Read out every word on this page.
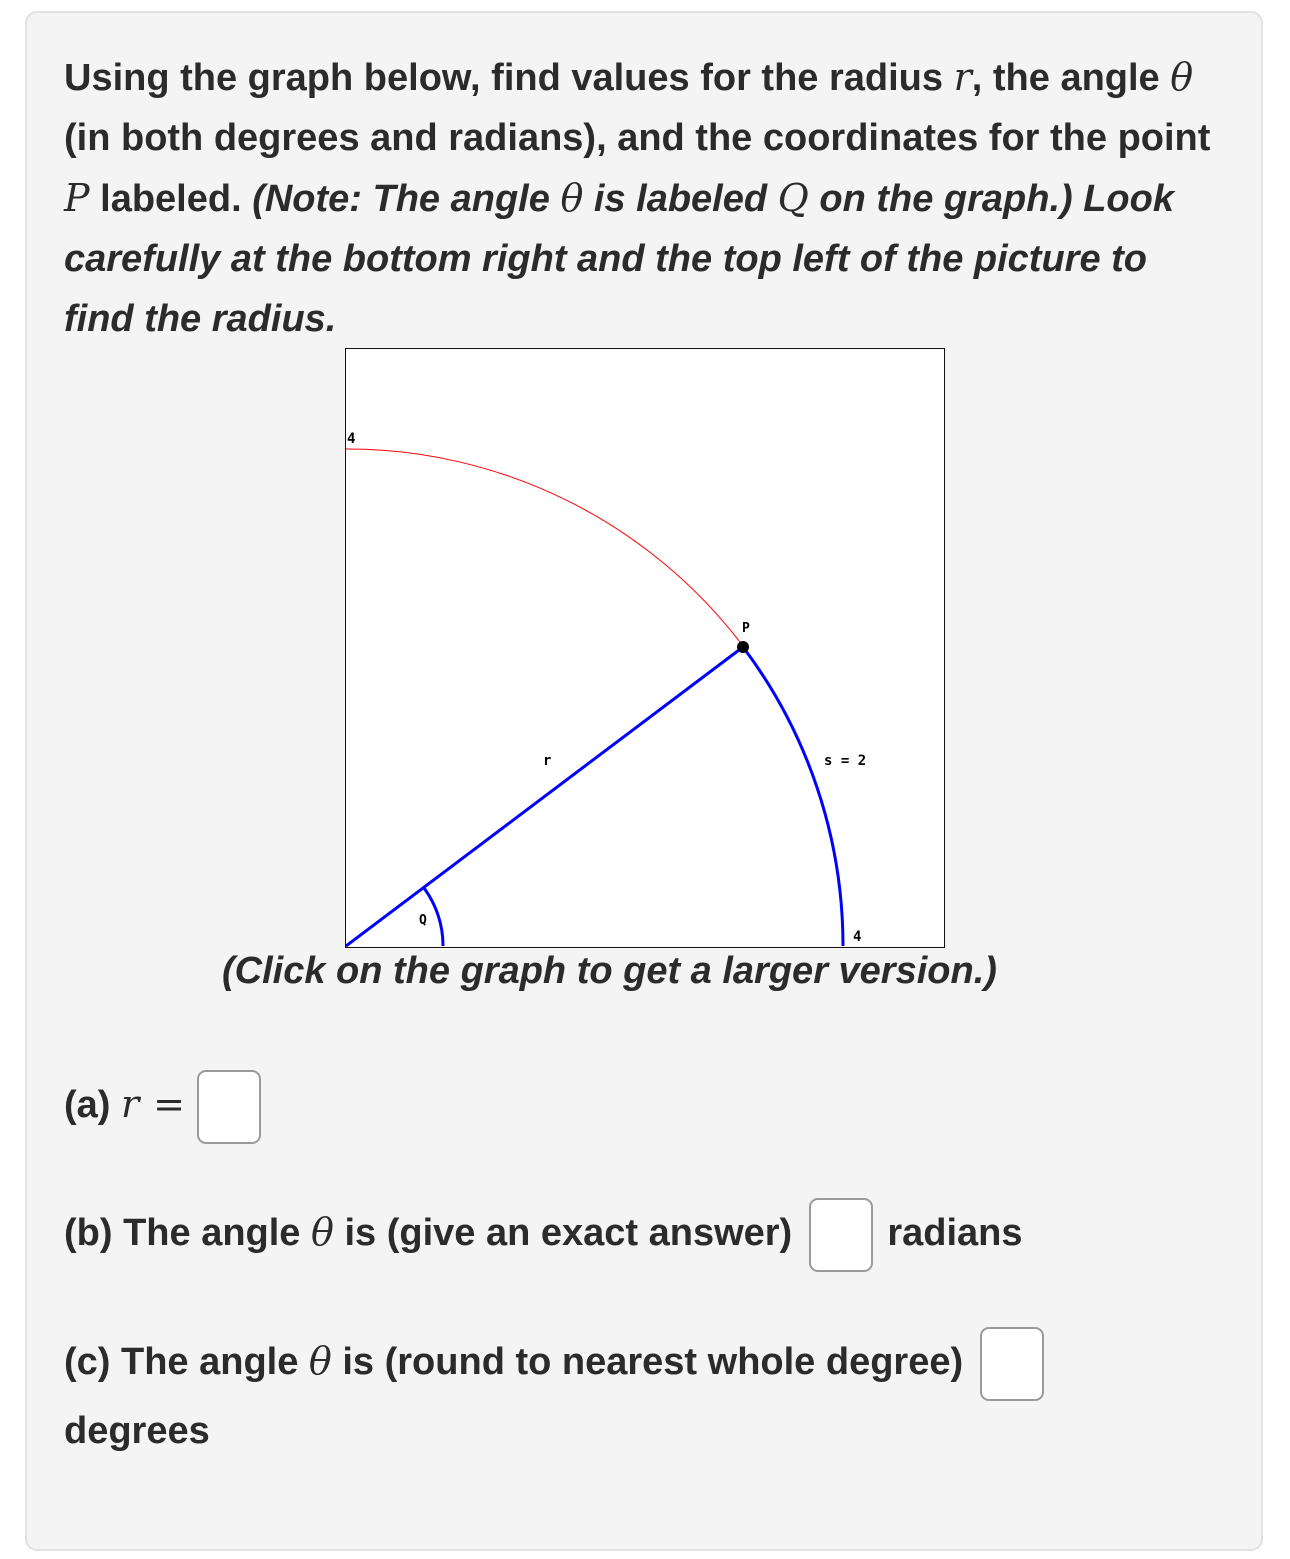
Using the graph below, find values for the radius r, the angle θ (in both degrees and radians), and the coordinates for the point P labeled. (Note: The angle θ is labeled Q on the graph.) Look carefully at the bottom right and the top left of the picture to find the radius.

4
P
r	s = 2
Q
4
(Click on the graph to get a larger version.)
(a) r =
(b) The angle θ is (give an exact answer)	radians
(c) The angle θ is (round to nearest whole degree)
degrees
